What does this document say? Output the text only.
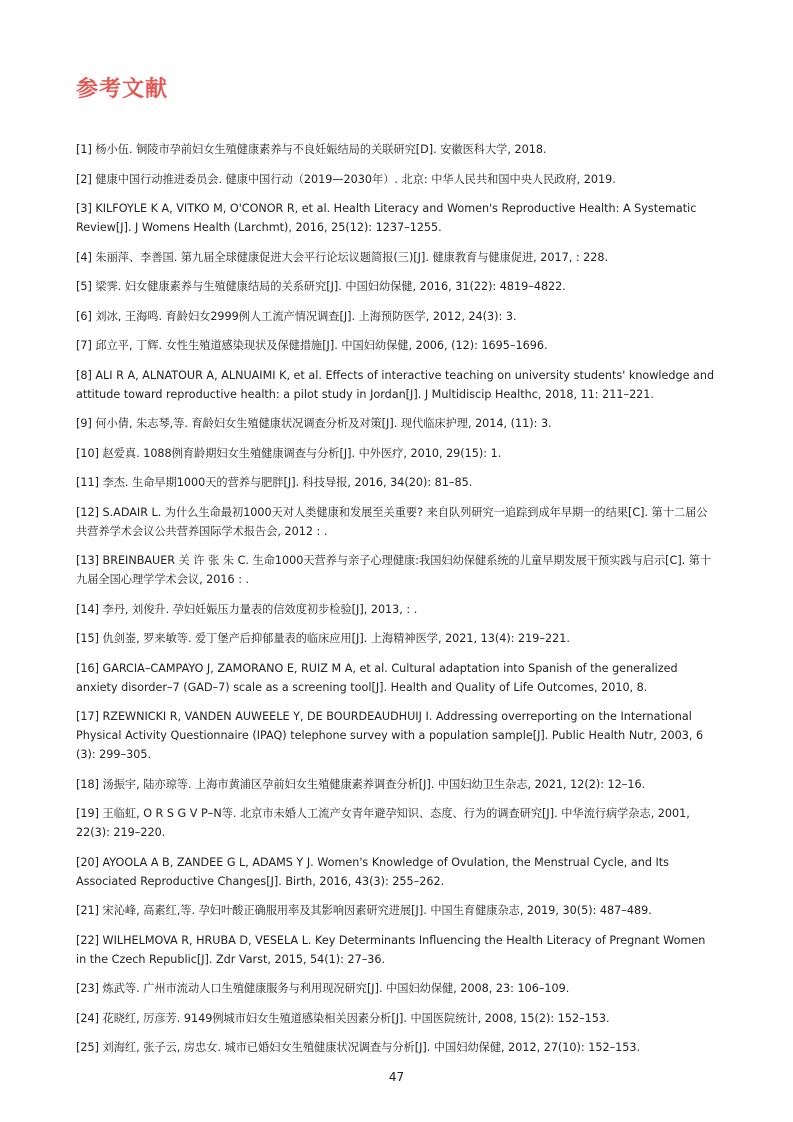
参考文献
[1] 杨小伍. 铜陵市孕前妇女生殖健康素养与不良妊娠结局的关联研究[D]. 安徽医科大学, 2018.
[2] 健康中国行动推进委员会. 健康中国行动（2019—2030年）. 北京: 中华人民共和国中央人民政府, 2019.
[3] KILFOYLE K A, VITKO M, O'CONOR R, et al. Health Literacy and Women's Reproductive Health: A Systematic Review[J]. J Womens Health (Larchmt), 2016, 25(12): 1237–1255.
[4] 朱丽萍、李善国. 第九届全球健康促进大会平行论坛议题简报(三)[J]. 健康教育与健康促进, 2017, : 228.
[5] 梁霁. 妇女健康素养与生殖健康结局的关系研究[J]. 中国妇幼保健, 2016, 31(22): 4819–4822.
[6] 刘冰, 王海鸣. 育龄妇女2999例人工流产情况调查[J]. 上海预防医学, 2012, 24(3): 3.
[7] 邱立平, 丁辉. 女性生殖道感染现状及保健措施[J]. 中国妇幼保健, 2006, (12): 1695–1696.
[8] ALI R A, ALNATOUR A, ALNUAIMI K, et al. Effects of interactive teaching on university students' knowledge and attitude toward reproductive health: a pilot study in Jordan[J]. J Multidiscip Healthc, 2018, 11: 211–221.
[9] 何小倩, 朱志琴,等. 育龄妇女生殖健康状况调查分析及对策[J]. 现代临床护理, 2014, (11): 3.
[10] 赵爱真. 1088例育龄期妇女生殖健康调查与分析[J]. 中外医疗, 2010, 29(15): 1.
[11] 李杰. 生命早期1000天的营养与肥胖[J]. 科技导报, 2016, 34(20): 81–85.
[12] S.ADAIR L. 为什么生命最初1000天对人类健康和发展至关重要? 来自队列研究一追踪到成年早期一的结果[C]. 第十二届公共营养学术会议公共营养国际学术报告会, 2012 : .
[13] BREINBAUER 关 许 张 朱 C. 生命1000天营养与亲子心理健康:我国妇幼保健系统的儿童早期发展干预实践与启示[C]. 第十九届全国心理学学术会议, 2016 : .
[14] 李丹, 刘俊升. 孕妇妊娠压力量表的信效度初步检验[J], 2013, : .
[15] 仇剑崟, 罗来敏等. 爱丁堡产后抑郁量表的临床应用[J]. 上海精神医学, 2021, 13(4): 219–221.
[16] GARCIA–CAMPAYO J, ZAMORANO E, RUIZ M A, et al. Cultural adaptation into Spanish of the generalized anxiety disorder–7 (GAD–7) scale as a screening tool[J]. Health and Quality of Life Outcomes, 2010, 8.
[17] RZEWNICKI R, VANDEN AUWEELE Y, DE BOURDEAUDHUIJ I. Addressing overreporting on the International Physical Activity Questionnaire (IPAQ) telephone survey with a population sample[J]. Public Health Nutr, 2003, 6 (3): 299–305.
[18] 汤振宇, 陆亦琼等. 上海市黄浦区孕前妇女生殖健康素养调查分析[J]. 中国妇幼卫生杂志, 2021, 12(2): 12–16.
[19] 王临虹, O R S G V P–N等. 北京市未婚人工流产女青年避孕知识、态度、行为的调查研究[J]. 中华流行病学杂志, 2001, 22(3): 219–220.
[20] AYOOLA A B, ZANDEE G L, ADAMS Y J. Women's Knowledge of Ovulation, the Menstrual Cycle, and Its Associated Reproductive Changes[J]. Birth, 2016, 43(3): 255–262.
[21] 宋沁峰, 高素红,等. 孕妇叶酸正确服用率及其影响因素研究进展[J]. 中国生育健康杂志, 2019, 30(5): 487–489.
[22] WILHELMOVA R, HRUBA D, VESELA L. Key Determinants Influencing the Health Literacy of Pregnant Women in the Czech Republic[J]. Zdr Varst, 2015, 54(1): 27–36.
[23] 炼武等. 广州市流动人口生殖健康服务与利用现况研究[J]. 中国妇幼保健, 2008, 23: 106–109.
[24] 花晓红, 厉彦芳. 9149例城市妇女生殖道感染相关因素分析[J]. 中国医院统计, 2008, 15(2): 152–153.
[25] 刘海红, 张子云, 房忠女. 城市已婚妇女生殖健康状况调查与分析[J]. 中国妇幼保健, 2012, 27(10): 152–153.
47
